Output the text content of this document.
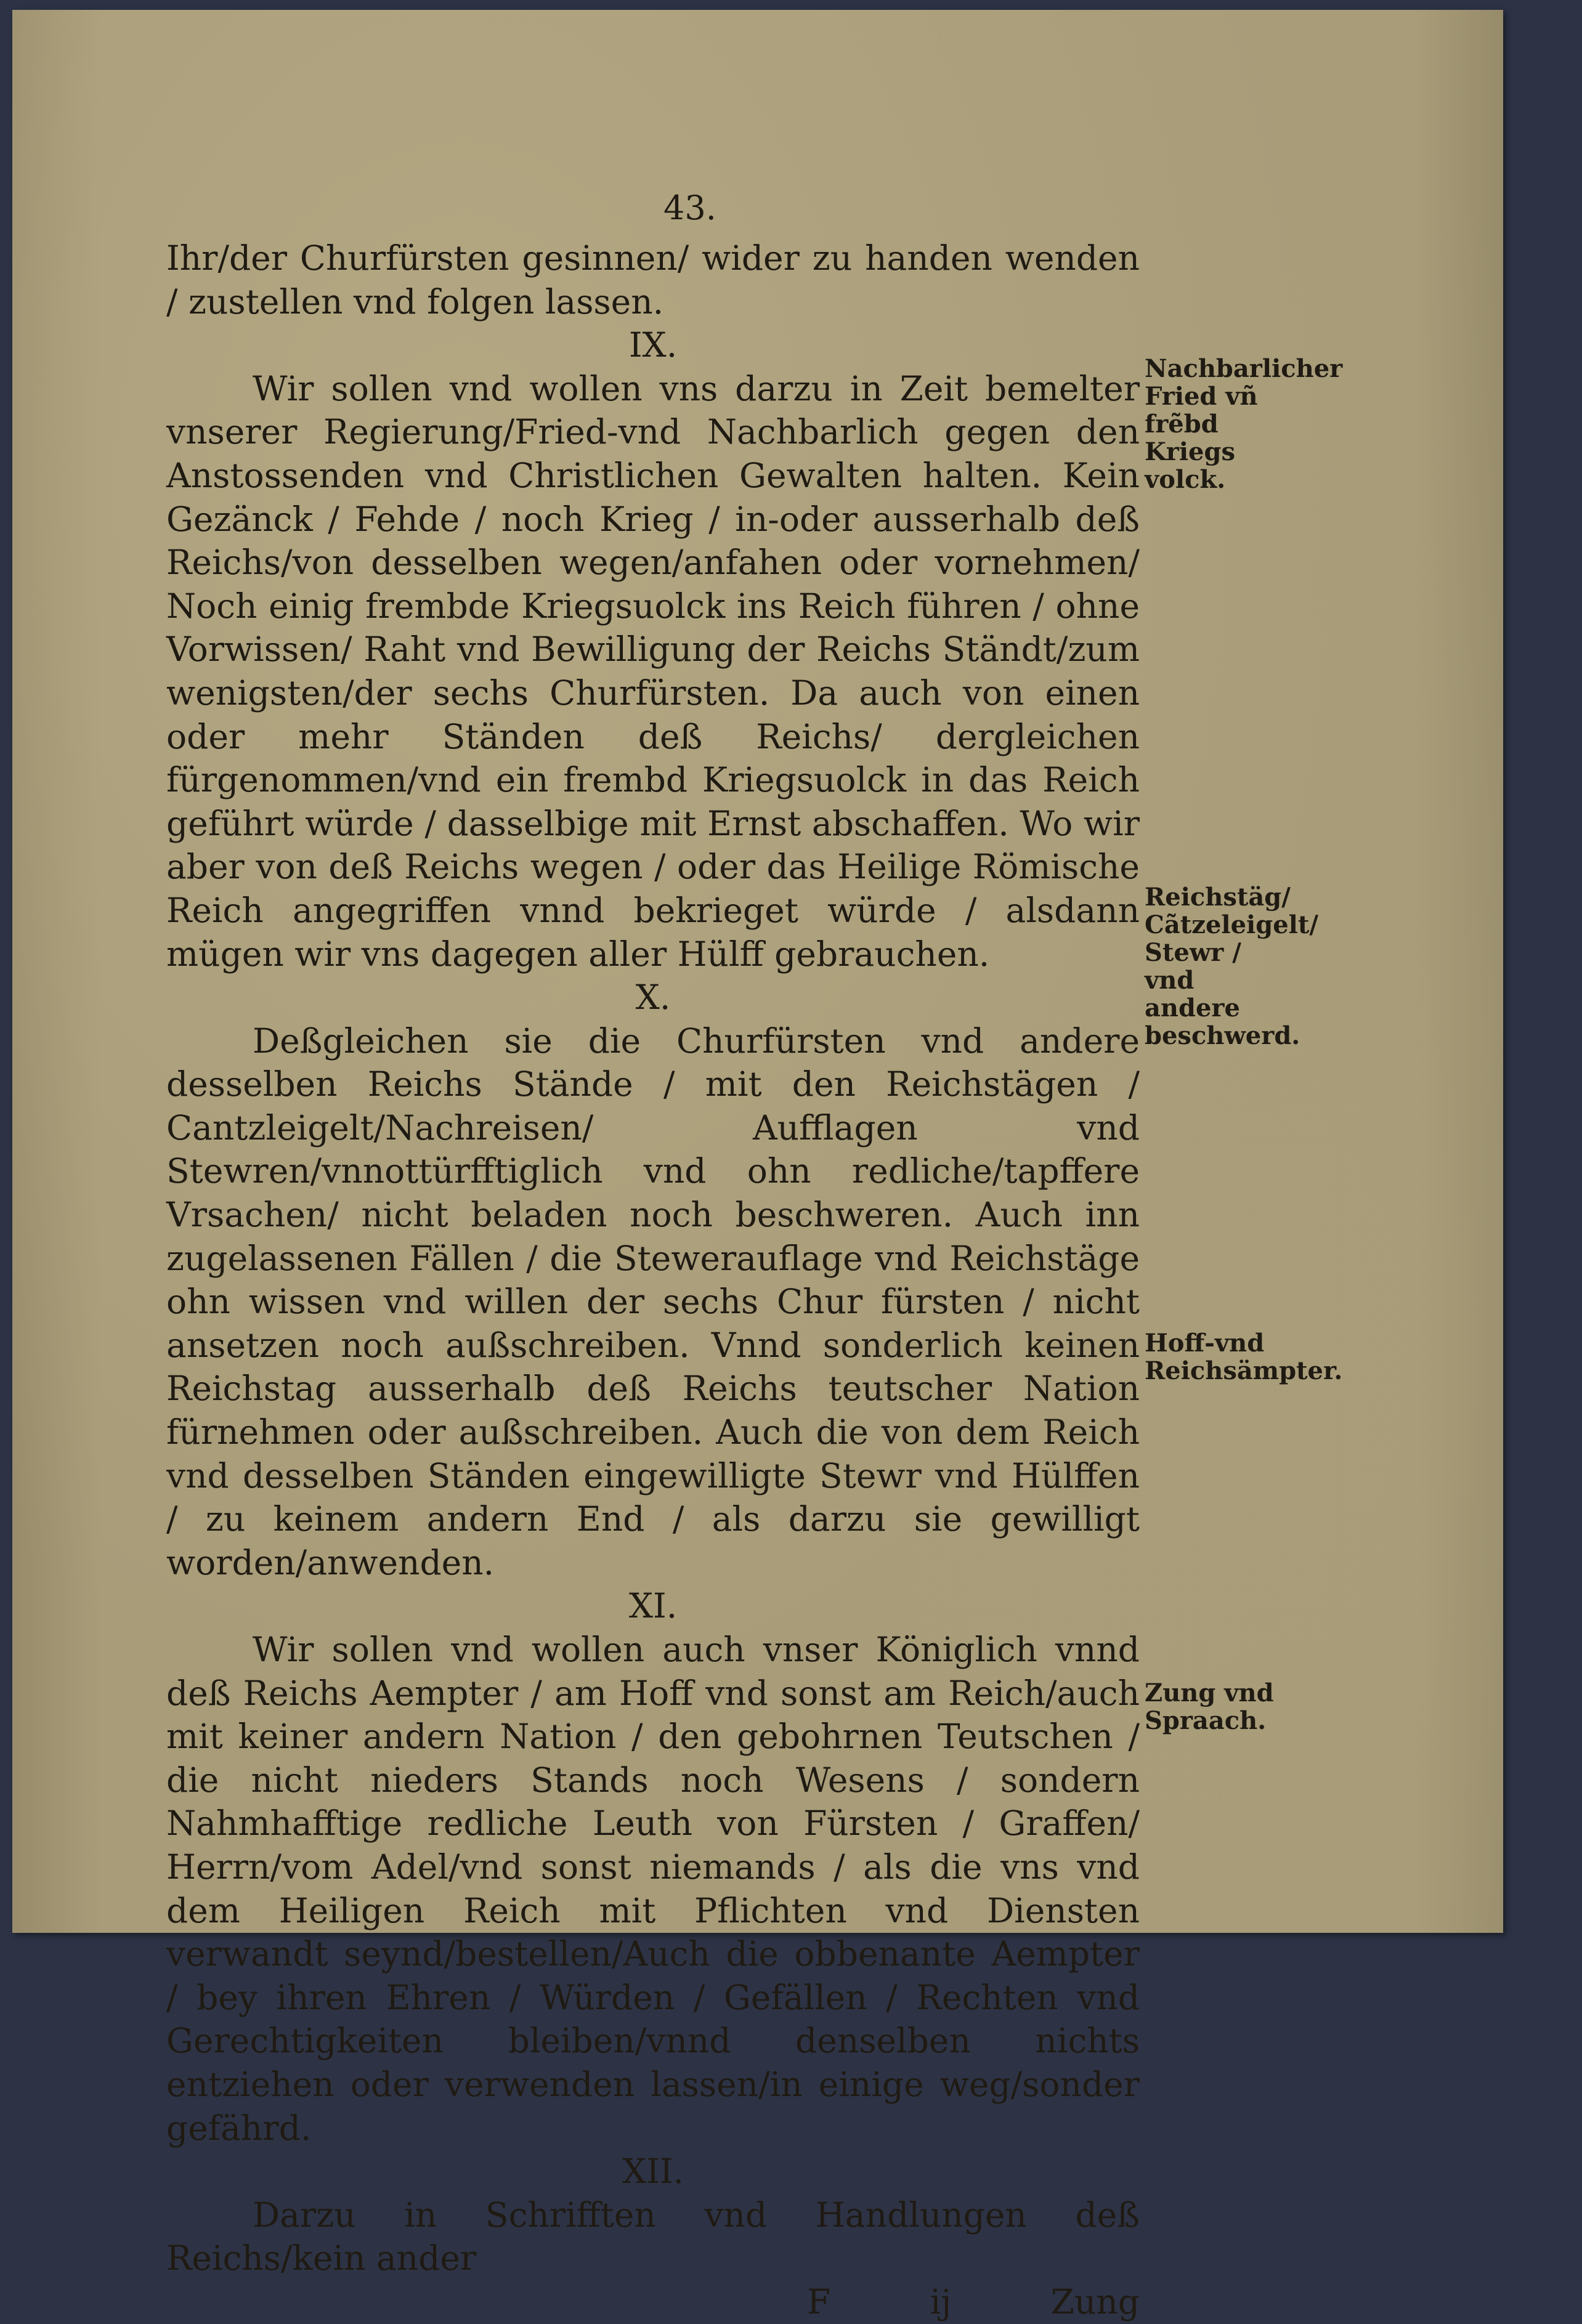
43.

Ihr/der Churfürsten gesinnen/ wider zu handen wenden / zustellen vnd folgen lassen.

IX.

Wir sollen vnd wollen vns darzu in Zeit bemelter vnserer Regierung/Fried-vnd Nachbarlich gegen den Anstossenden vnd Christlichen Gewalten halten. Kein Gezänck / Fehde / noch Krieg / in-oder ausserhalb deß Reichs/von desselben wegen/anfahen oder vornehmen/ Noch einig frembde Kriegsuolck ins Reich führen / ohne Vorwissen/ Raht vnd Bewilligung der Reichs Ständt/zum wenigsten/der sechs Churfürsten. Da auch von einen oder mehr Ständen deß Reichs/ dergleichen fürgenommen/vnd ein frembd Kriegsuolck in das Reich geführt würde / dasselbige mit Ernst abschaffen. Wo wir aber von deß Reichs wegen / oder das Heilige Römische Reich angegriffen vnnd bekrieget würde / alsdann mügen wir vns dagegen aller Hülff gebrauchen.

X.

Deßgleichen sie die Churfürsten vnd andere desselben Reichs Stände / mit den Reichstägen / Cantzleigelt/Nachreisen/ Aufflagen vnd Stewren/vnnottürfftiglich vnd ohn redliche/tapffere Vrsachen/ nicht beladen noch beschweren. Auch inn zugelassenen Fällen / die Stewerauflage vnd Reichstäge ohn wissen vnd willen der sechs Chur fürsten / nicht ansetzen noch außschreiben. Vnnd sonderlich keinen Reichstag ausserhalb deß Reichs teutscher Nation fürnehmen oder außschreiben. Auch die von dem Reich vnd desselben Ständen eingewilligte Stewr vnd Hülffen / zu keinem andern End / als darzu sie gewilligt worden/anwenden.

XI.

Wir sollen vnd wollen auch vnser Königlich vnnd deß Reichs Aempter / am Hoff vnd sonst am Reich/auch mit keiner andern Nation / den gebohrnen Teutschen / die nicht nieders Stands noch Wesens / sondern Nahmhafftige redliche Leuth von Fürsten / Graffen/ Herrn/vom Adel/vnd sonst niemands / als die vns vnd dem Heiligen Reich mit Pflichten vnd Diensten verwandt seynd/bestellen/Auch die obbenante Aempter / bey ihren Ehren / Würden / Gefällen / Rechten vnd Gerechtigkeiten bleiben/vnnd denselben nichts entziehen oder verwenden lassen/in einige weg/sonder gefährd.

XII.

Darzu in Schrifften vnd Handlungen deß Reichs/kein ander

F ij Zung

Nachbarlicher Fried vñ frẽbd Kriegs volck.
Reichstäg/ Cãtzeleigelt/ Stewr / vnd andere beschwerd.
Hoff-vnd Reichsämpter.
Zung vnd Spraach.
